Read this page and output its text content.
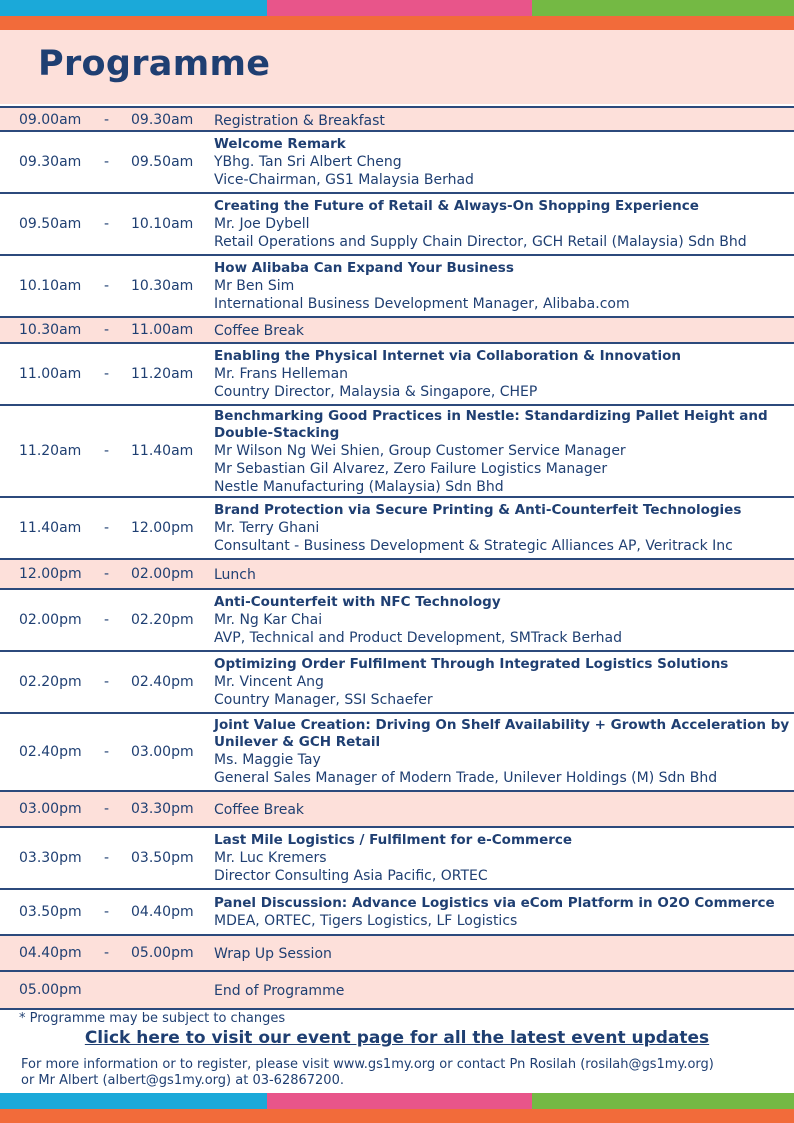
Programme
09.00am - 09.30am Registration & Breakfast
09.30am - 09.50am
Welcome Remark
YBhg. Tan Sri Albert Cheng
Vice-Chairman, GS1 Malaysia Berhad
09.50am - 10.10am
Creating the Future of Retail & Always-On Shopping Experience
Mr. Joe Dybell
Retail Operations and Supply Chain Director, GCH Retail (Malaysia) Sdn Bhd
10.10am - 10.30am
How Alibaba Can Expand Your Business
Mr Ben Sim
International Business Development Manager, Alibaba.com
10.30am - 11.00am Coffee Break
11.00am - 11.20am
Enabling the Physical Internet via Collaboration & Innovation
Mr. Frans Helleman
Country Director, Malaysia & Singapore, CHEP
11.20am - 11.40am
Benchmarking Good Practices in Nestle: Standardizing Pallet Height and Double-Stacking
Mr Wilson Ng Wei Shien, Group Customer Service Manager
Mr Sebastian Gil Alvarez, Zero Failure Logistics Manager
Nestle Manufacturing (Malaysia) Sdn Bhd
11.40am - 12.00pm
Brand Protection via Secure Printing & Anti-Counterfeit Technologies
Mr. Terry Ghani
Consultant - Business Development & Strategic Alliances AP, Veritrack Inc
12.00pm - 02.00pm Lunch
02.00pm - 02.20pm
Anti-Counterfeit with NFC Technology
Mr. Ng Kar Chai
AVP, Technical and Product Development, SMTrack Berhad
02.20pm - 02.40pm
Optimizing Order Fulfilment Through Integrated Logistics Solutions
Mr. Vincent Ang
Country Manager, SSI Schaefer
02.40pm - 03.00pm
Joint Value Creation: Driving On Shelf Availability + Growth Acceleration by Unilever & GCH Retail
Ms. Maggie Tay
General Sales Manager of Modern Trade, Unilever Holdings (M) Sdn Bhd
03.00pm - 03.30pm Coffee Break
03.30pm - 03.50pm
Last Mile Logistics / Fulfilment for e-Commerce
Mr. Luc Kremers
Director Consulting Asia Pacific, ORTEC
03.50pm - 04.40pm
Panel Discussion: Advance Logistics via eCom Platform in O2O Commerce
MDEA, ORTEC, Tigers Logistics, LF Logistics
04.40pm - 05.00pm Wrap Up Session
05.00pm	End of Programme
* Programme may be subject to changes
Click here to visit our event page for all the latest event updates
For more information or to register, please visit www.gs1my.org or contact Pn Rosilah (rosilah@gs1my.org)
or Mr Albert (albert@gs1my.org) at 03-62867200.
